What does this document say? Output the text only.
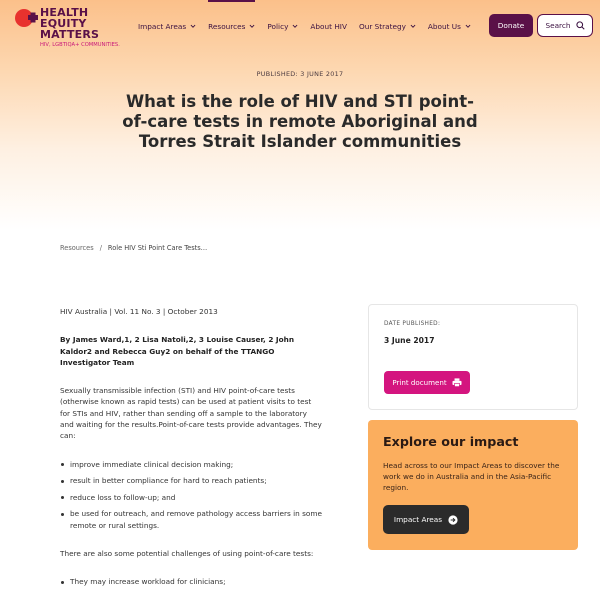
HEALTH
EQUITY
MATTERS
HIV, LGBTIQA+ COMMUNITIES.
Impact Areas	Resources	Policy	About HIV Our Strategy	About Us	Donate	Search
PUBLISHED: 3 JUNE 2017
What is the role of HIV and STI point-of-care tests in remote Aboriginal and Torres Strait Islander communities
Resources / Role HIV Sti Point Care Tests…

HIV Australia | Vol. 11 No. 3 | October 2013

By James Ward,1, 2 Lisa Natoli,2, 3 Louise Causer, 2 John Kaldor2 and Rebecca Guy2 on behalf of the TTANGO Investigator Team

Sexually transmissible infection (STI) and HIV point-of-care tests (otherwise known as rapid tests) can be used at patient visits to test for STIs and HIV, rather than sending off a sample to the laboratory and waiting for the results.Point-of-care tests provide advantages. They can:

improve immediate clinical decision making;
result in better compliance for hard to reach patients;
reduce loss to follow-up; and
be used for outreach, and remove pathology access barriers in some remote or rural settings.

There are also some potential challenges of using point-of-care tests:

They may increase workload for clinicians;
DATE PUBLISHED:
3 June 2017
Print document
Explore our impact
Head across to our Impact Areas to discover the work we do in Australia and in the Asia-Pacific region.
Impact Areas
